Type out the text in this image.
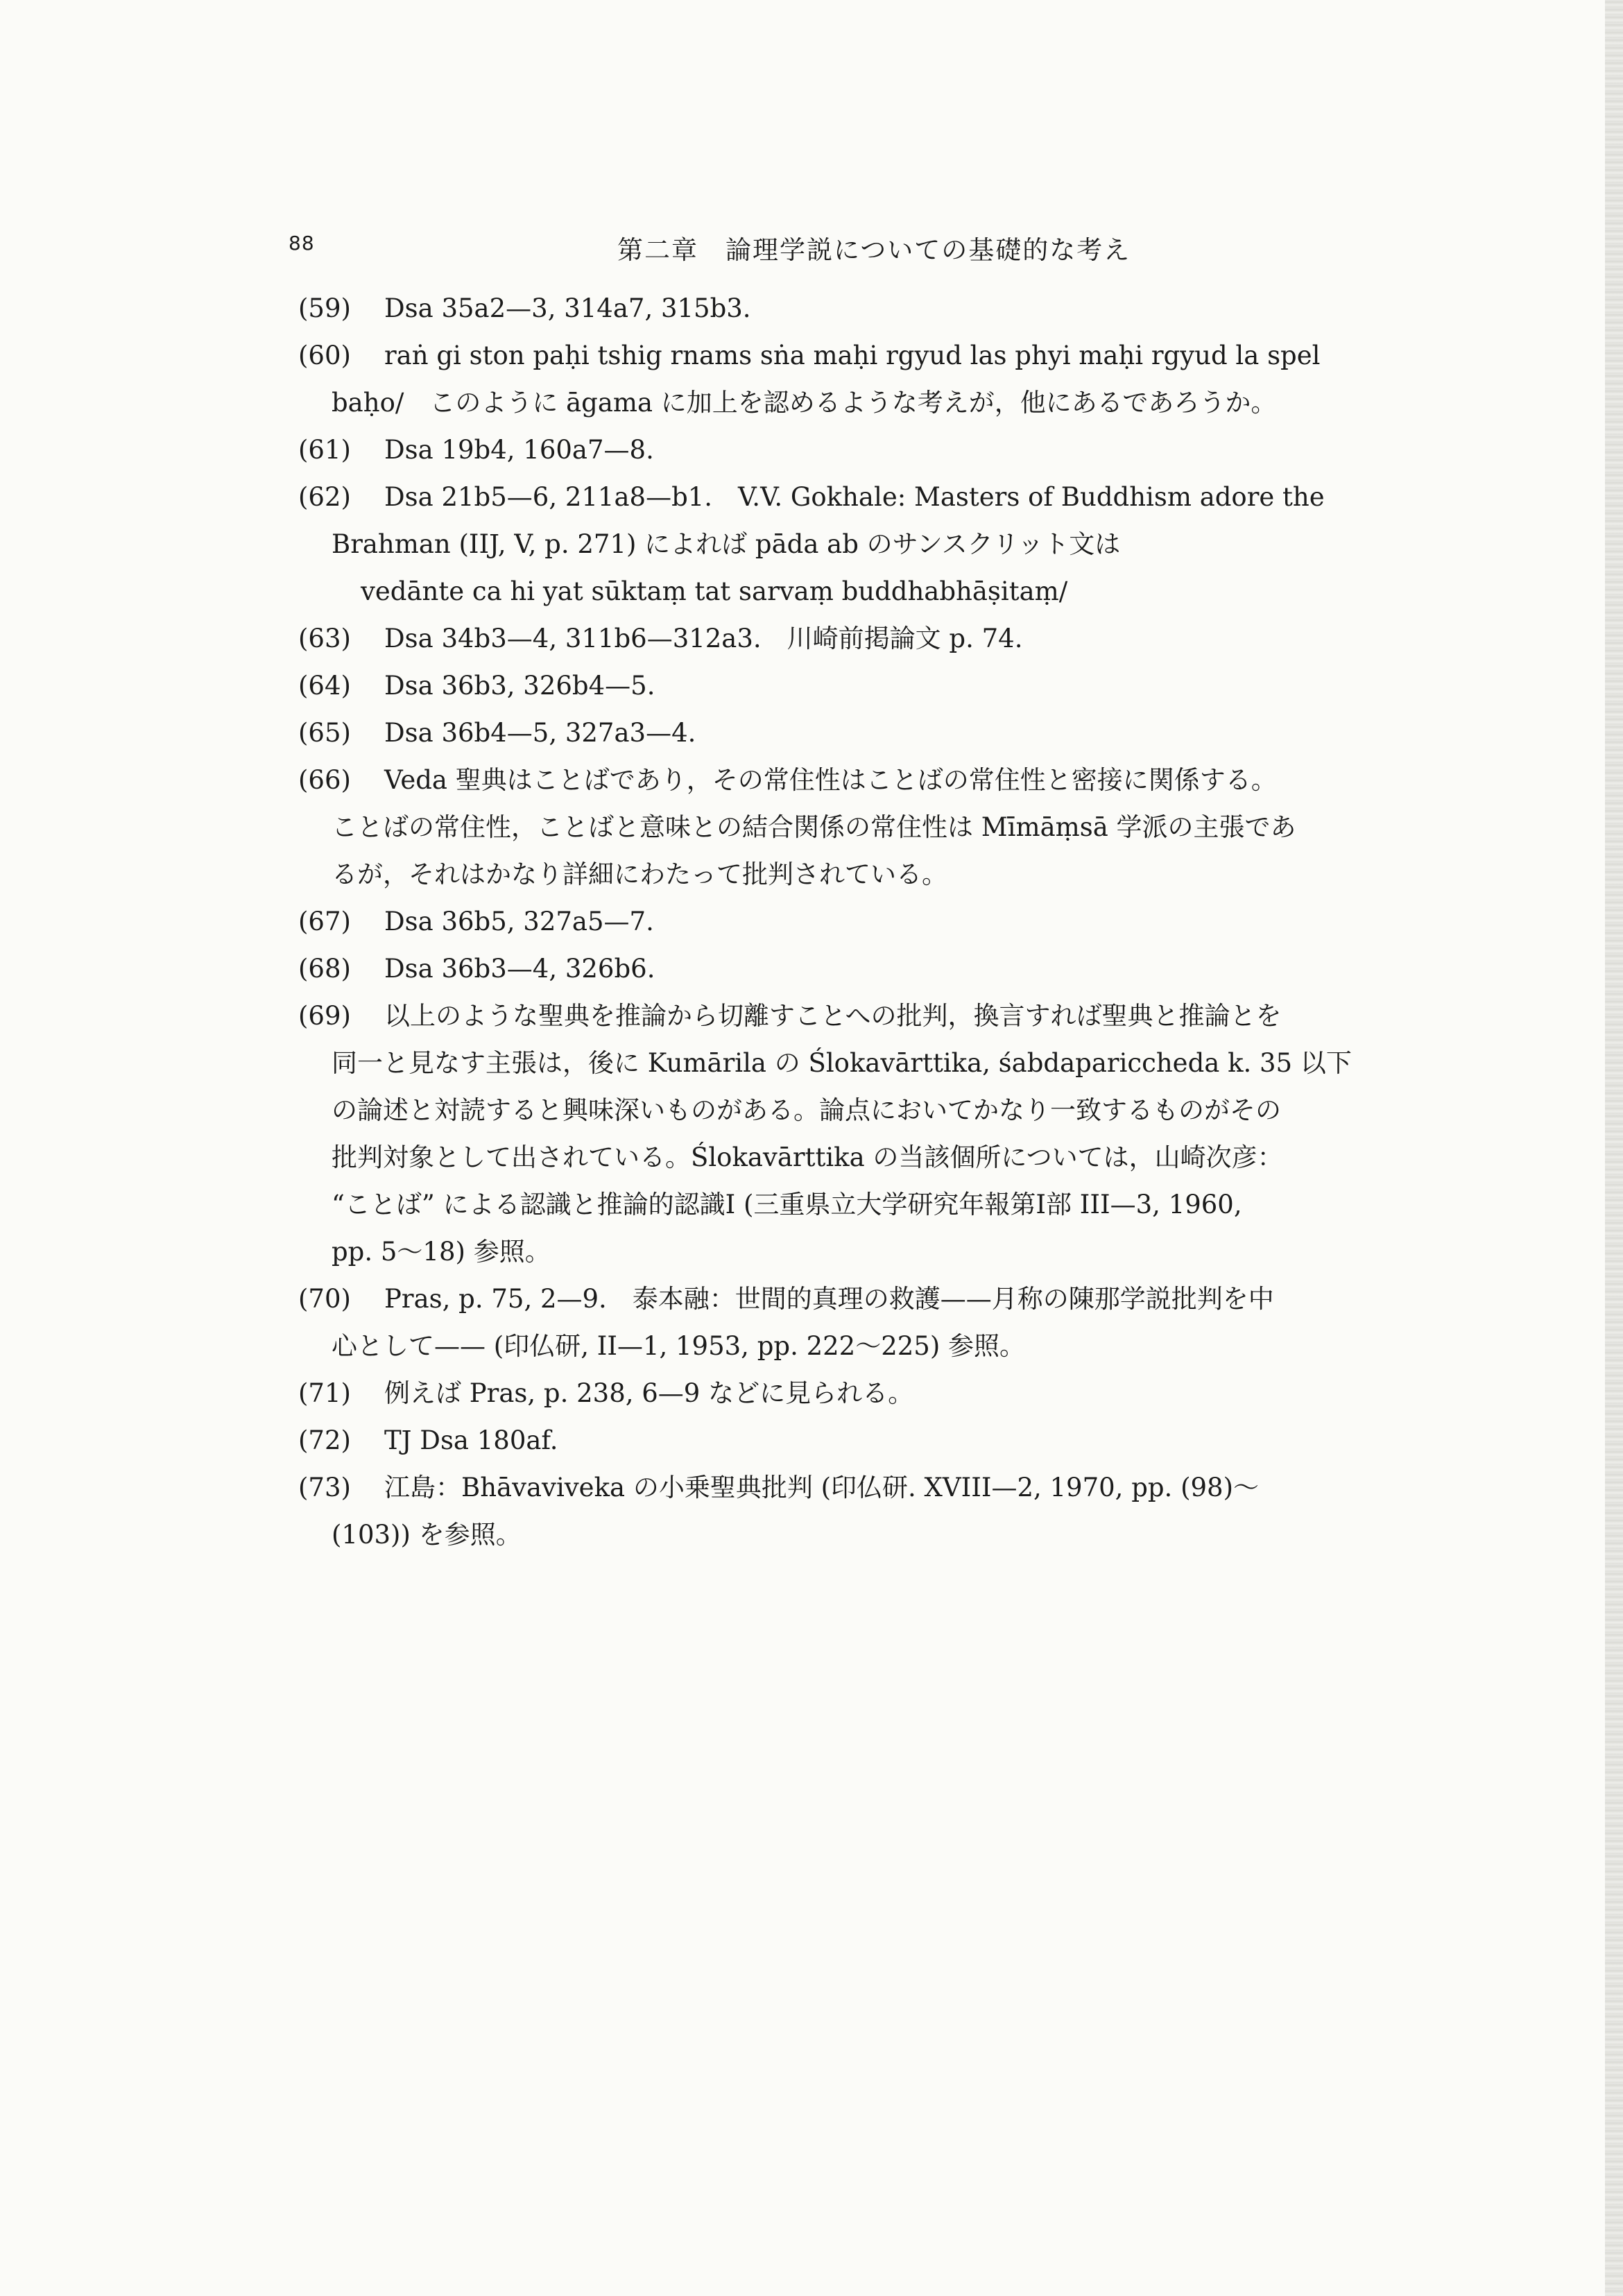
88	第二章　論理学説についての基礎的な考え
(59) Dsa 35a2—3, 314a7, 315b3.
(60) raṅ gi ston paḥi tshig rnams sṅa maḥi rgyud las phyi maḥi rgyud la spel
baḥo/　このように āgama に加上を認めるような考えが，他にあるであろうか。
(61) Dsa 19b4, 160a7—8.
(62) Dsa 21b5—6, 211a8—b1.　V.V. Gokhale: Masters of Buddhism adore the
Brahman (IIJ, V, p. 271) によれば pāda ab のサンスクリット文は
vedānte ca hi yat sūktaṃ tat sarvaṃ buddhabhāṣitaṃ/
(63) Dsa 34b3—4, 311b6—312a3.　川崎前掲論文 p. 74.
(64) Dsa 36b3, 326b4—5.
(65) Dsa 36b4—5, 327a3—4.
(66) Veda 聖典はことばであり，その常住性はことばの常住性と密接に関係する。
ことばの常住性，ことばと意味との結合関係の常住性は Mīmāṃsā 学派の主張であ
るが，それはかなり詳細にわたって批判されている。
(67) Dsa 36b5, 327a5—7.
(68) Dsa 36b3—4, 326b6.
(69) 以上のような聖典を推論から切離すことへの批判，換言すれば聖典と推論とを
同一と見なす主張は，後に Kumārila の Ślokavārttika, śabdapariccheda k. 35 以下
の論述と対読すると興味深いものがある。論点においてかなり一致するものがその
批判対象として出されている。Ślokavārttika の当該個所については，山崎次彦：
“ことば” による認識と推論的認識I (三重県立大学研究年報第I部 III—3, 1960,
pp. 5～18) 参照。
(70) Pras, p. 75, 2—9.　泰本融：世間的真理の救護——月称の陳那学説批判を中
心として—— (印仏研, II—1, 1953, pp. 222～225) 参照。
(71) 例えば Pras, p. 238, 6—9 などに見られる。
(72) TJ Dsa 180af.
(73) 江島：Bhāvaviveka の小乗聖典批判 (印仏研. XVIII—2, 1970, pp. (98)～
(103)) を参照。
